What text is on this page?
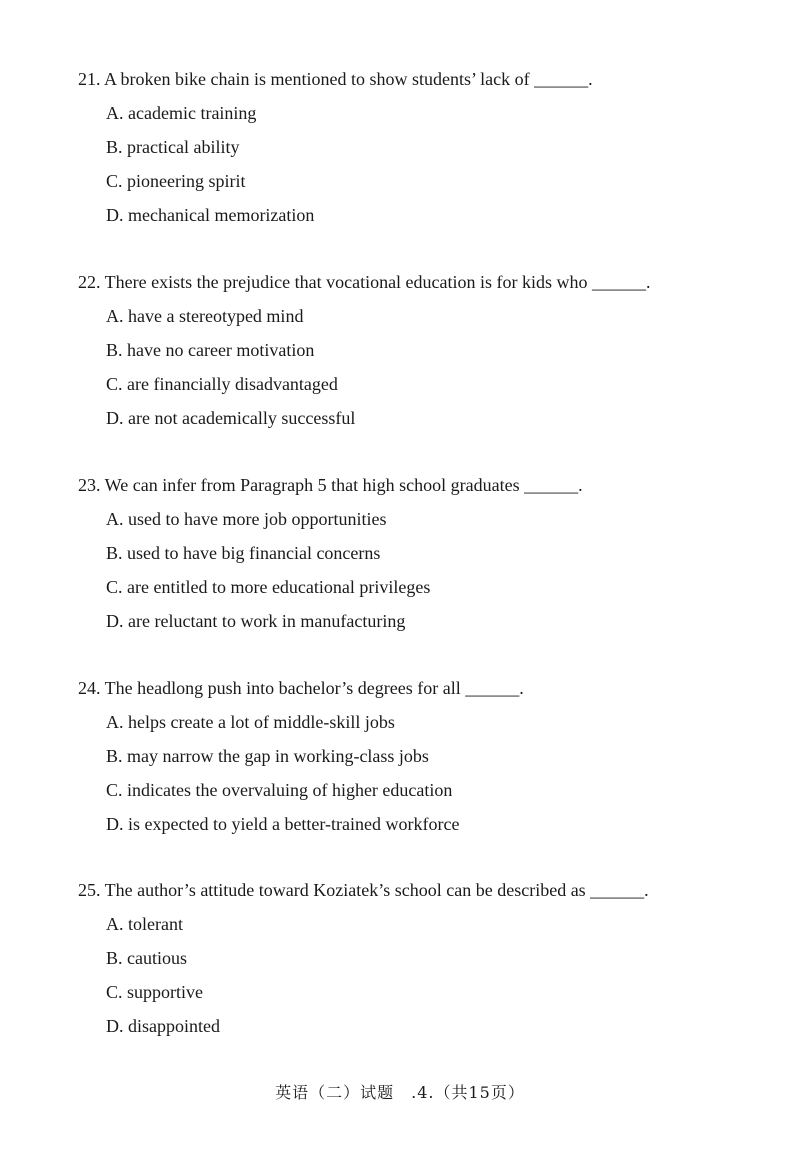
21. A broken bike chain is mentioned to show students’ lack of ______.
A. academic training
B. practical ability
C. pioneering spirit
D. mechanical memorization
22. There exists the prejudice that vocational education is for kids who ______.
A. have a stereotyped mind
B. have no career motivation
C. are financially disadvantaged
D. are not academically successful
23. We can infer from Paragraph 5 that high school graduates ______.
A. used to have more job opportunities
B. used to have big financial concerns
C. are entitled to more educational privileges
D. are reluctant to work in manufacturing
24. The headlong push into bachelor’s degrees for all ______.
A. helps create a lot of middle-skill jobs
B. may narrow the gap in working-class jobs
C. indicates the overvaluing of higher education
D. is expected to yield a better-trained workforce
25. The author’s attitude toward Koziatek’s school can be described as ______.
A. tolerant
B. cautious
C. supportive
D. disappointed
英语（二）试题　.4.（共15页）
